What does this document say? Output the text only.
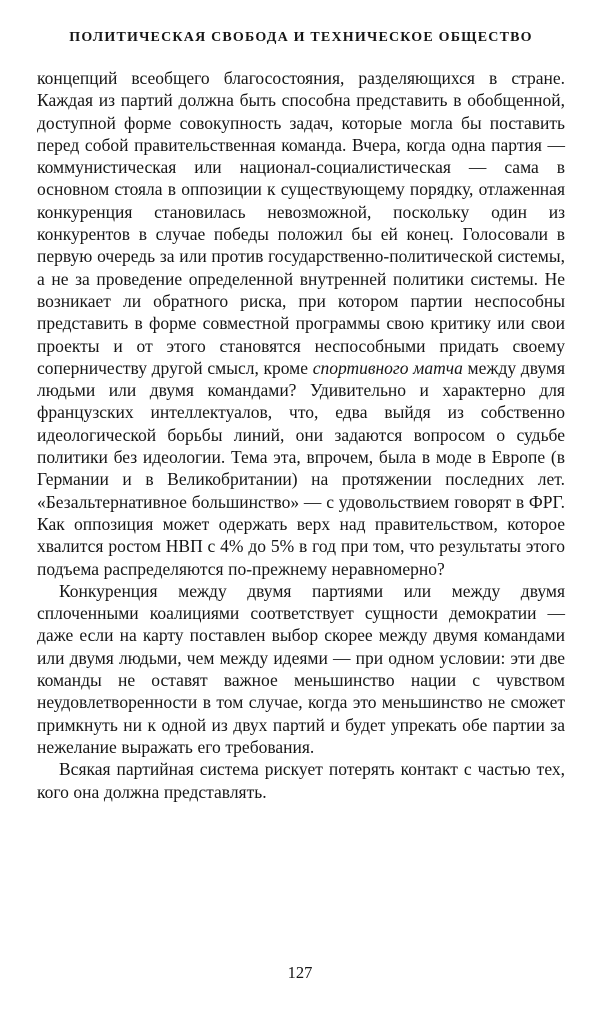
ПОЛИТИЧЕСКАЯ СВОБОДА И ТЕХНИЧЕСКОЕ ОБЩЕСТВО

концепций всеобщего благосостояния, разделяющихся в стране. Каждая из партий должна быть способна представить в обобщенной, доступной форме совокупность задач, которые могла бы поставить перед собой правительственная команда. Вчера, когда одна партия — коммунистическая или национал-социалистическая — сама в основном стояла в оппозиции к существующему порядку, отлаженная конкуренция становилась невозможной, поскольку один из конкурентов в случае победы положил бы ей конец. Голосовали в первую очередь за или против государственно-политической системы, а не за проведение определенной внутренней политики системы. Не возникает ли обратного риска, при котором партии неспособны представить в форме совместной программы свою критику или свои проекты и от этого становятся неспособными придать своему соперничеству другой смысл, кроме спортивного матча между двумя людьми или двумя командами? Удивительно и характерно для французских интеллектуалов, что, едва выйдя из собственно идеологической борьбы линий, они задаются вопросом о судьбе политики без идеологии. Тема эта, впрочем, была в моде в Европе (в Германии и в Великобритании) на протяжении последних лет. «Безальтернативное большинство» — с удовольствием говорят в ФРГ. Как оппозиция может одержать верх над правительством, которое хвалится ростом НВП с 4% до 5% в год при том, что результаты этого подъема распределяются по-прежнему неравномерно?

Конкуренция между двумя партиями или между двумя сплоченными коалициями соответствует сущности демократии — даже если на карту поставлен выбор скорее между двумя командами или двумя людьми, чем между идеями — при одном условии: эти две команды не оставят важное меньшинство нации с чувством неудовлетворенности в том случае, когда это меньшинство не сможет примкнуть ни к одной из двух партий и будет упрекать обе партии за нежелание выражать его требования.

Всякая партийная система рискует потерять контакт с частью тех, кого она должна представлять.

127
